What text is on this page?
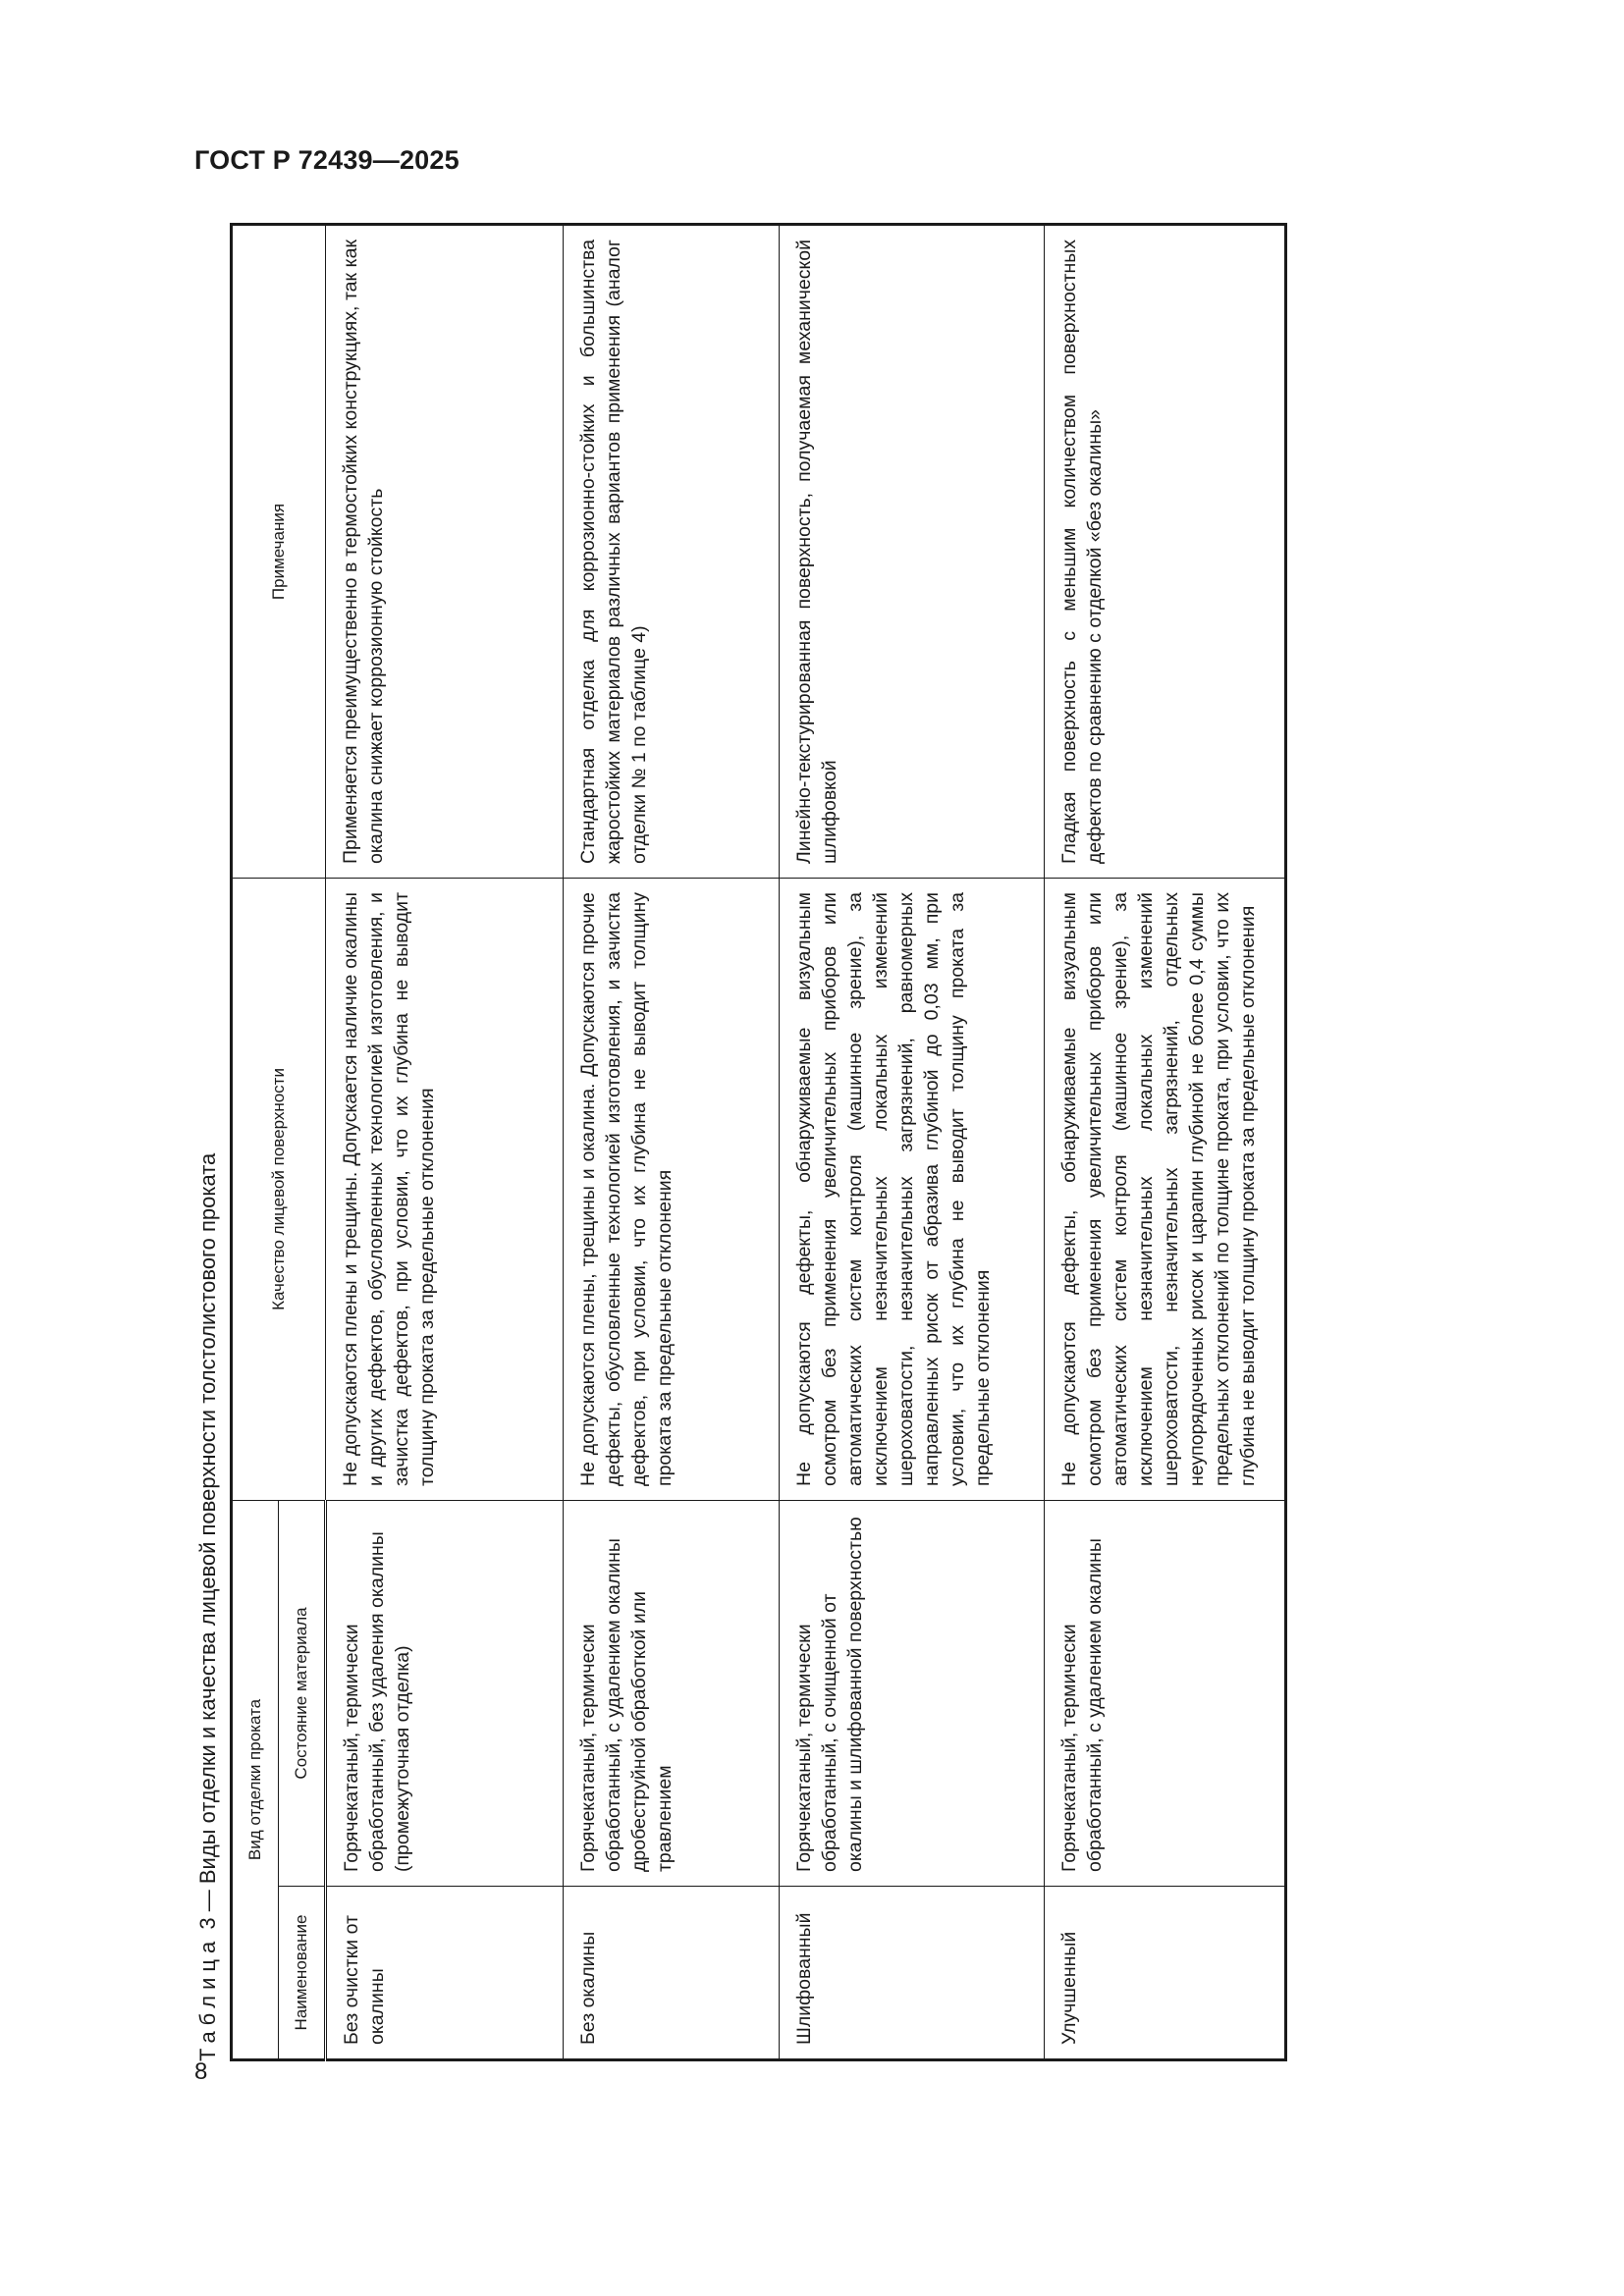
ГОСТ Р 72439—2025
8
Таблица 3 — Виды отделки и качества лицевой поверхности толстолистового проката	Вид отделки проката		Качество лицевой поверхности	Примечания
Наименование	Состояние материала		
Без очистки от окалины	Горячекатаный, термически обработанный, без удаления окалины (промежуточная отделка)	Не допускаются плены и трещины. Допускается наличие окалины и других дефектов, обусловленных технологией изготовления, и зачистка дефектов, при условии, что их глубина не выводит толщину проката за предельные отклонения	Применяется преимущественно в термостойких конструкциях, так как окалина снижает коррозионную стойкость
Без окалины	Горячекатаный, термически обработанный, с удалением окалины дробеструйной обработкой или травлением	Не допускаются плены, трещины и окалина. Допускаются прочие дефекты, обусловленные технологией изготовления, и зачистка дефектов, при условии, что их глубина не выводит толщину проката за предельные отклонения	Стандартная отделка для коррозионно-стойких и большинства жаростойких материалов различных вариантов применения (аналог отделки № 1 по таблице 4)
Шлифованный	Горячекатаный, термически обработанный, с очищенной от окалины и шлифованной поверхностью	Не допускаются дефекты, обнаруживаемые визуальным осмотром без применения увеличительных приборов или автоматических систем контроля (машинное зрение), за исключением незначительных локальных изменений шероховатости, незначительных загрязнений, равномерных направленных рисок от абразива глубиной до 0,03 мм, при условии, что их глубина не выводит толщину проката за предельные отклонения	Линейно-текстурированная поверхность, получаемая механической шлифовкой
Улучшенный	Горячекатаный, термически обработанный, с удалением окалины	Не допускаются дефекты, обнаруживаемые визуальным осмотром без применения увеличительных приборов или автоматических систем контроля (машинное зрение), за исключением незначительных локальных изменений шероховатости, незначительных загрязнений, отдельных неупорядоченных рисок и царапин глубиной не более 0,4 суммы предельных отклонений по толщине проката, при условии, что их глубина не выводит толщину проката за предельные отклонения	Гладкая поверхность с меньшим количеством поверхностных дефектов по сравнению с отделкой «без окалины»
